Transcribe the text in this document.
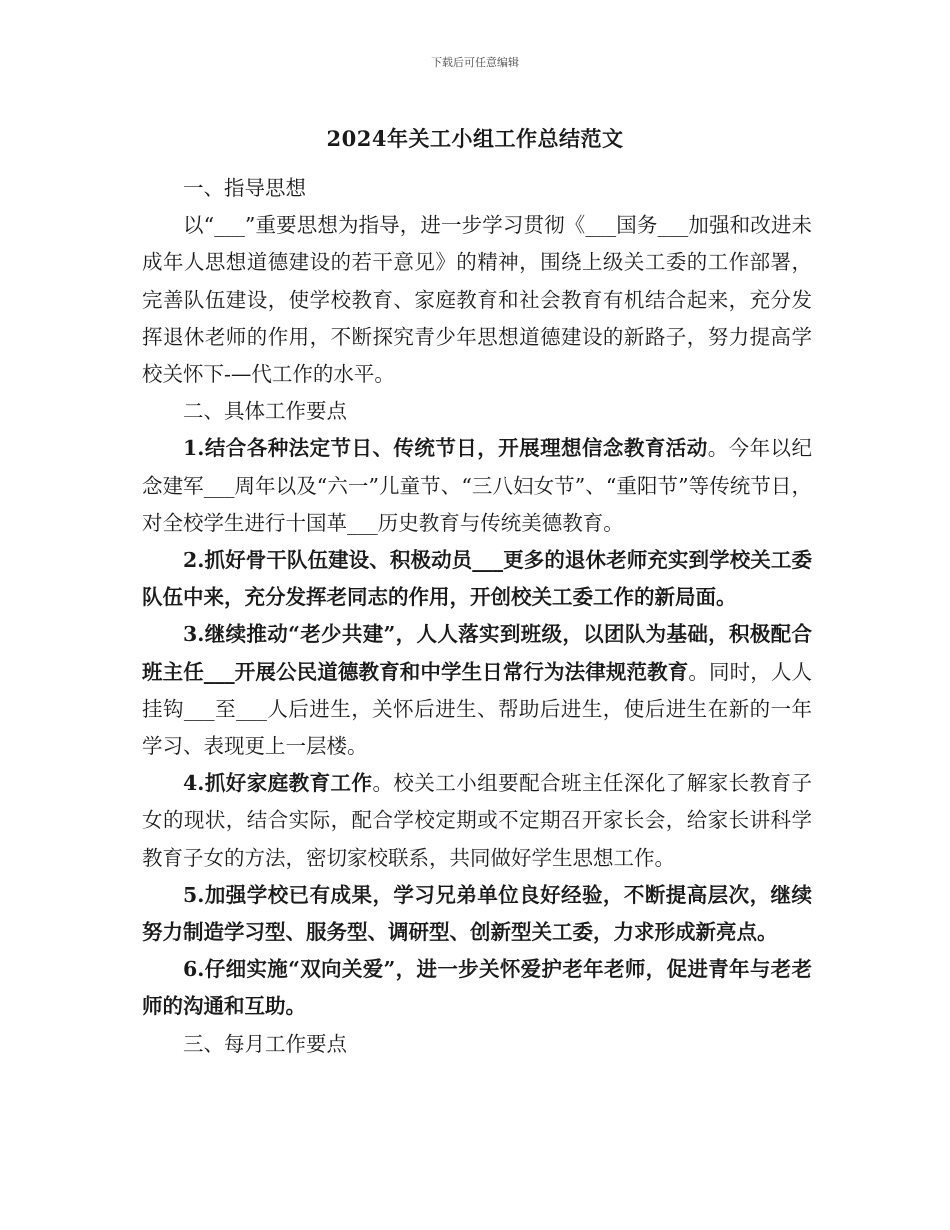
下载后可任意编辑

2024年关工小组工作总结范文

一、指导思想

以“___”重要思想为指导，进一步学习贯彻《___国务___加强和改进未成年人思想道德建设的若干意见》的精神，围绕上级关工委的工作部署，完善队伍建设，使学校教育、家庭教育和社会教育有机结合起来，充分发挥退休老师的作用，不断探究青少年思想道德建设的新路子，努力提高学校关怀下-—代工作的水平。

二、具体工作要点

1.结合各种法定节日、传统节日，开展理想信念教育活动。今年以纪念建军___周年以及“六一”儿童节、“三八妇女节”、“重阳节”等传统节日，对全校学生进行十国革___历史教育与传统美德教育。

2.抓好骨干队伍建设、积极动员___更多的退休老师充实到学校关工委队伍中来，充分发挥老同志的作用，开创校关工委工作的新局面。

3.继续推动“老少共建”，人人落实到班级，以团队为基础，积极配合班主任___开展公民道德教育和中学生日常行为法律规范教育。同时，人人挂钩___至___人后进生，关怀后进生、帮助后进生，使后进生在新的一年学习、表现更上一层楼。

4.抓好家庭教育工作。校关工小组要配合班主任深化了解家长教育子女的现状，结合实际，配合学校定期或不定期召开家长会，给家长讲科学教育子女的方法，密切家校联系，共同做好学生思想工作。

5.加强学校已有成果，学习兄弟单位良好经验，不断提高层次，继续努力制造学习型、服务型、调研型、创新型关工委，力求形成新亮点。

6.仔细实施“双向关爱”，进一步关怀爱护老年老师，促进青年与老老师的沟通和互助。

三、每月工作要点
